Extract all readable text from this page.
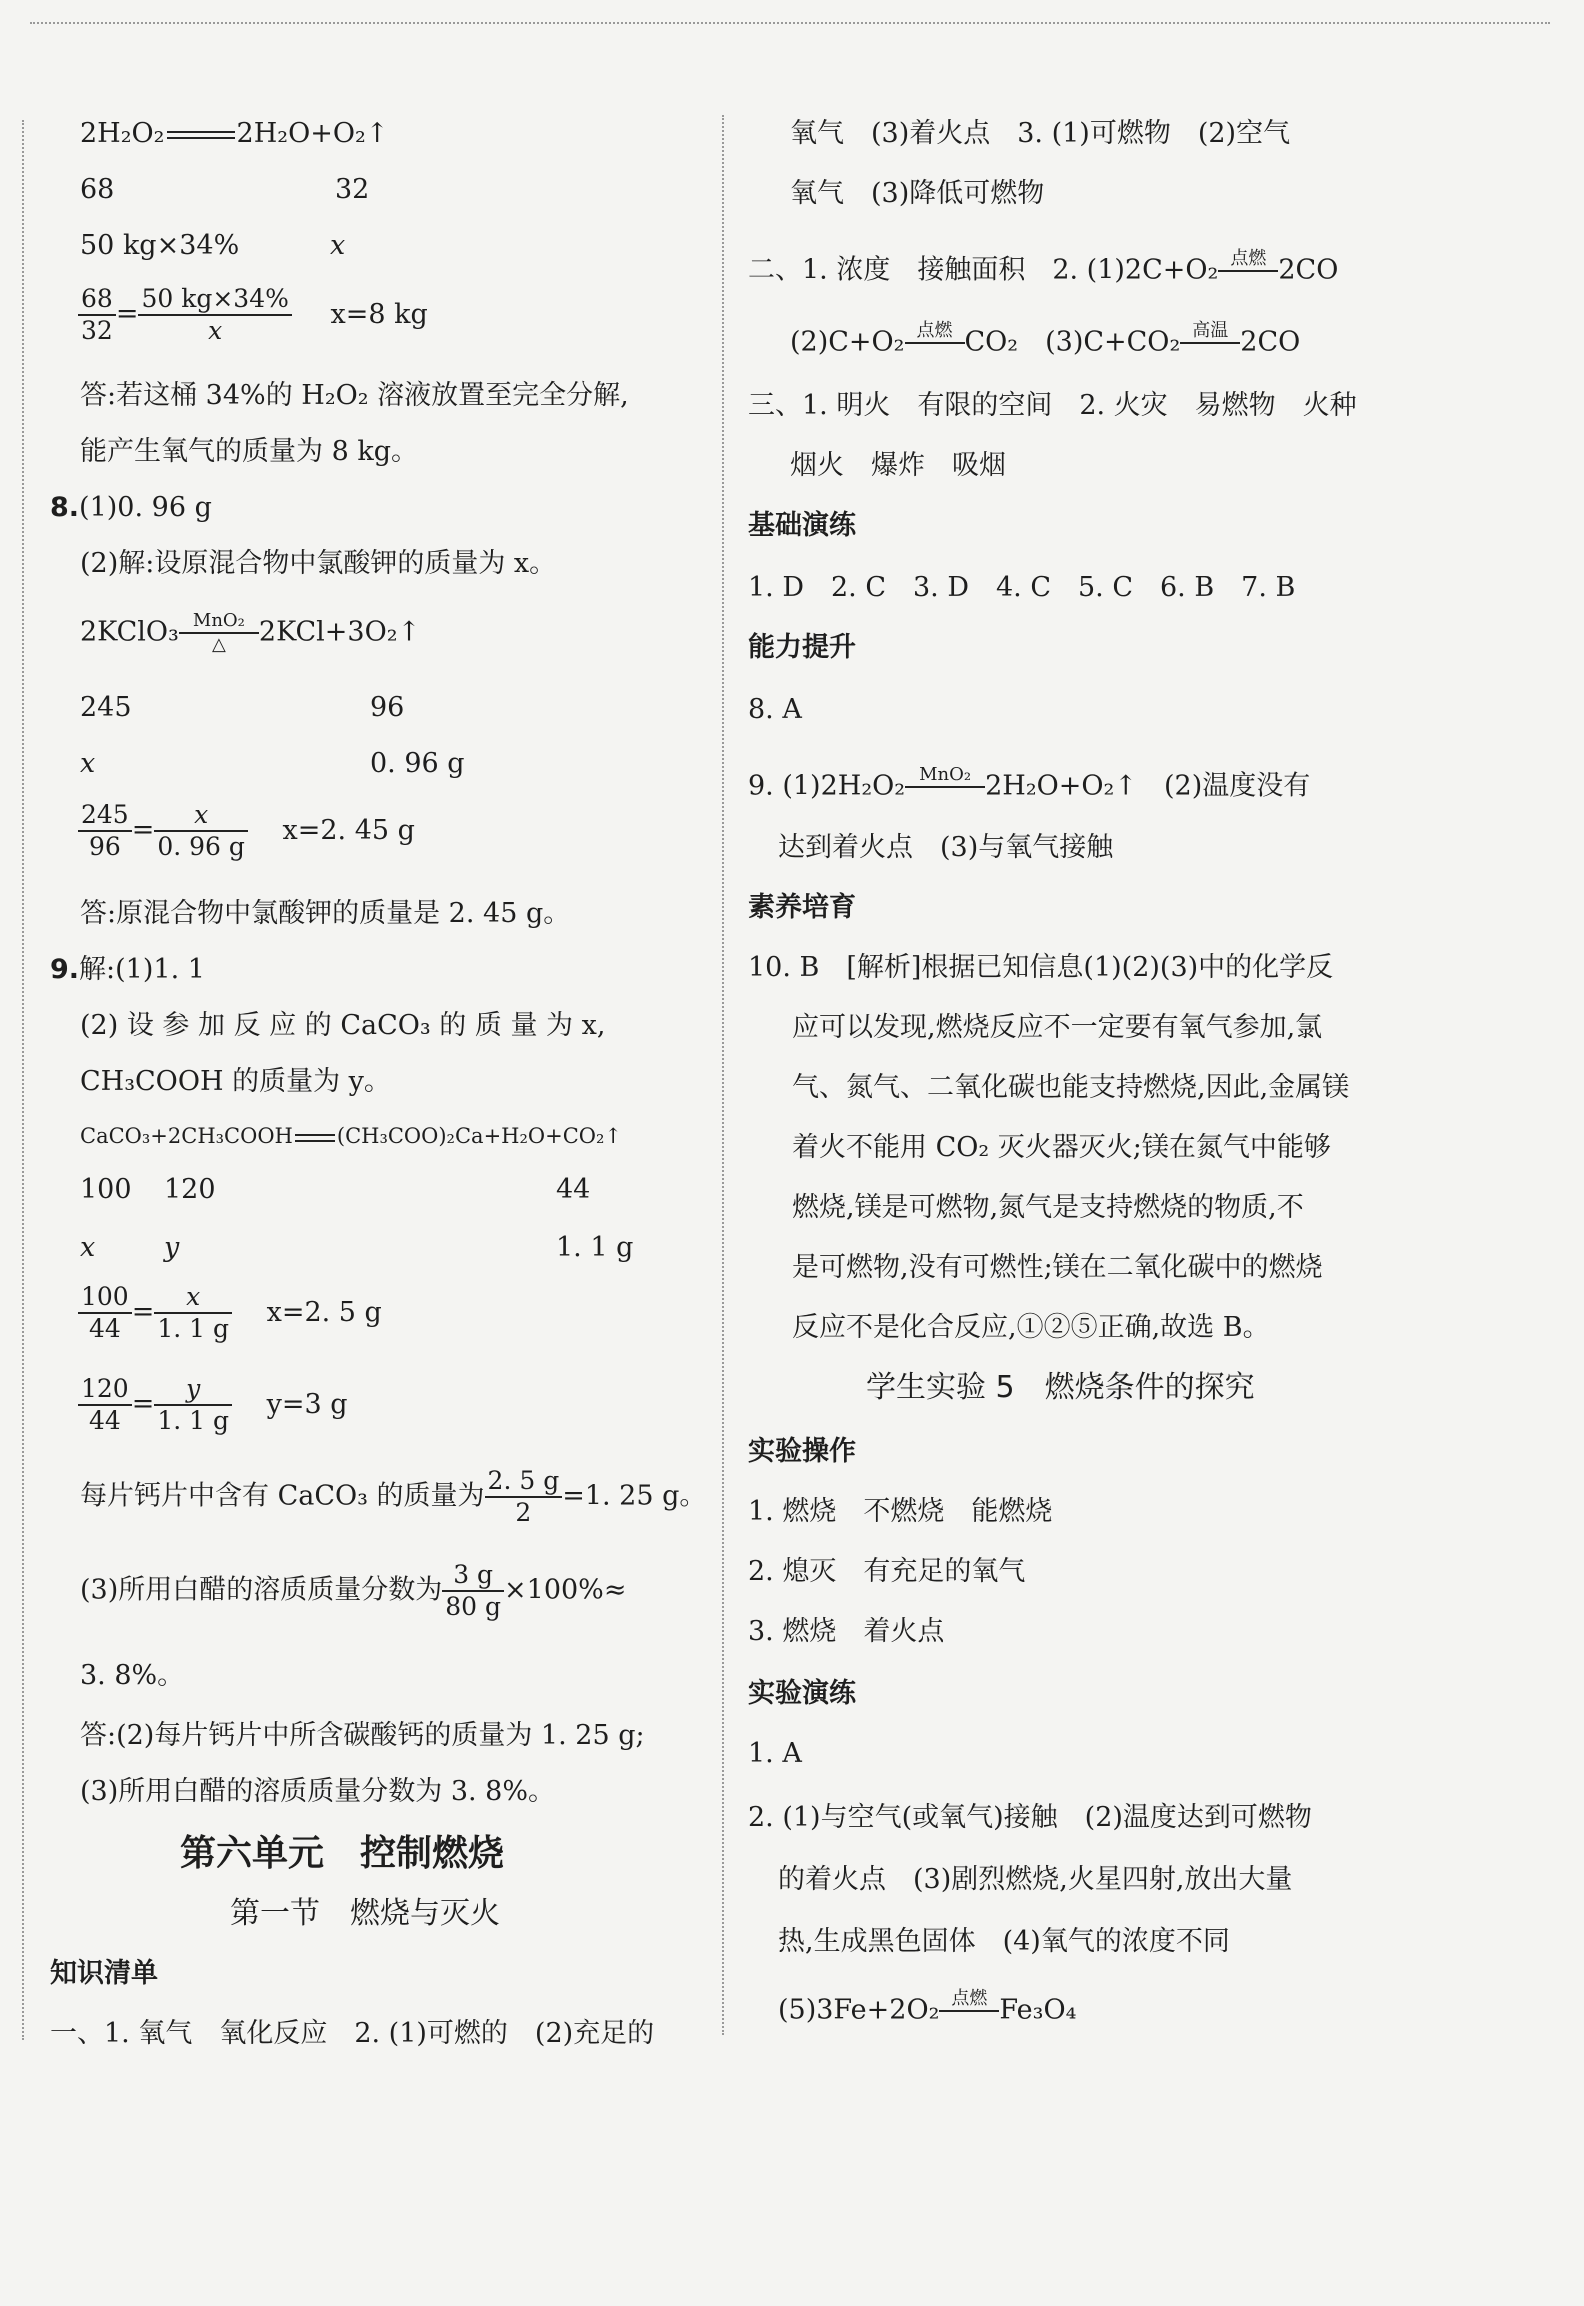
2H₂O₂	2H₂O+O₂↑
68	32
50 kg×34%	x
$\frac{68}{32} = \frac{50 kg\times 34\%}{x} x=8$ kg
答:若这桶 34%的 H₂O₂ 溶液放置至完全分解,
能产生氧气的质量为 8 kg。
8.(1)0. 96 g
(2)解:设原混合物中氯酸钾的质量为 x。
2KClO₃ MnO₂
△	2KCl+3O₂↑
245	96
x	0. 96 g
$\frac{245}{96} = \frac{x}{0. 96 g} x=2$. 45 g
答:原混合物中氯酸钾的质量是 2. 45 g。
9.解:(1)1. 1
(2) 设 参 加 反 应 的 CaCO₃ 的 质 量 为 x,
CH₃COOH 的质量为 y。
CaCO₃+2CH₃COOH (CH₃COO)₂Ca+H₂O+CO₂↑
100 120	44
x	y	1. 1 g
$\frac{100}{44} = \frac{x}{1. 1 g} x=2$. 5 g
$\frac{120}{44} = \frac{y}{1. 1 g} y=3$ g
每片钙片中含有 CaCO₃ 的质量为 $\frac{2. 5 g}{2} =1$. 25 g。
(3)所用白醋的溶质质量分数为 $\frac{3 g}{80 g} \times 100\%\approx$
3. 8%。
答:(2)每片钙片中所含碳酸钙的质量为 1. 25 g;
(3)所用白醋的溶质质量分数为 3. 8%。
第六单元　控制燃烧
第一节　燃烧与灭火
知识清单
一、1. 氧气　氧化反应　2. (1)可燃的　(2)充足的
氧气　(3)着火点　3. (1)可燃物　(2)空气
氧气　(3)降低可燃物
二、1. 浓度　接触面积　2. (1)2C+O₂ 点燃 2CO
(2)C+O₂ 点燃 CO₂　(3)C+CO₂ 高温 2CO
三、1. 明火　有限的空间　2. 火灾　易燃物　火种
烟火　爆炸　吸烟
基础演练
1. D　2. C　3. D　4. C　5. C　6. B　7. B
能力提升
8. A
9. (1)2H₂O₂ MnO₂ 2H₂O+O₂↑　(2)温度没有
达到着火点　(3)与氧气接触
素养培育
10. B　[解析]根据已知信息(1)(2)(3)中的化学反
应可以发现,燃烧反应不一定要有氧气参加,氯
气、氮气、二氧化碳也能支持燃烧,因此,金属镁
着火不能用 CO₂ 灭火器灭火;镁在氮气中能够
燃烧,镁是可燃物,氮气是支持燃烧的物质,不
是可燃物,没有可燃性;镁在二氧化碳中的燃烧
反应不是化合反应,①②⑤正确,故选 B。
学生实验 5　燃烧条件的探究
实验操作
1. 燃烧　不燃烧　能燃烧
2. 熄灭　有充足的氧气
3. 燃烧　着火点
实验演练
1. A
2. (1)与空气(或氧气)接触　(2)温度达到可燃物
的着火点　(3)剧烈燃烧,火星四射,放出大量
热,生成黑色固体　(4)氧气的浓度不同
(5)3Fe+2O₂ 点燃 Fe₃O₄
